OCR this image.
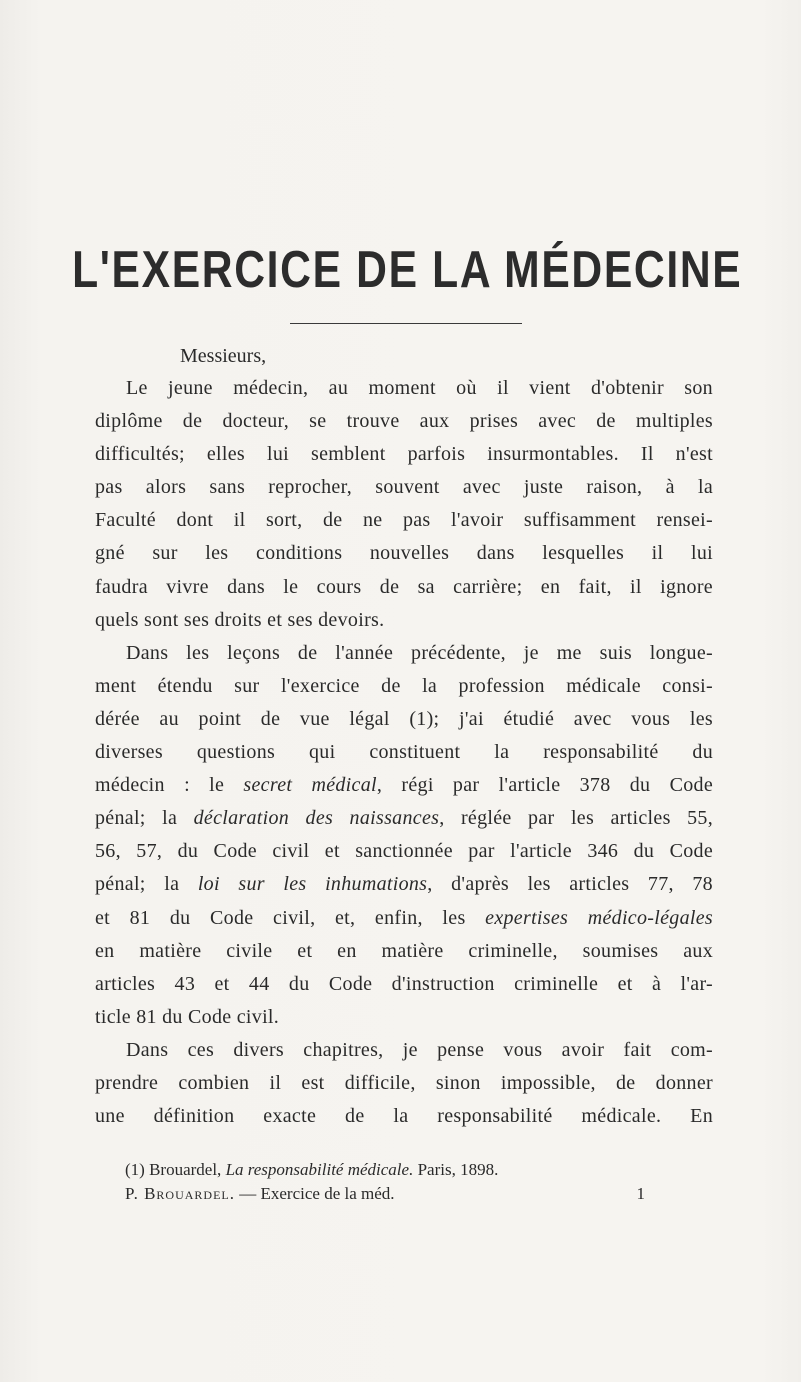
L'EXERCICE DE LA MÉDECINE
Messieurs,
Le jeune médecin, au moment où il vient d'obtenir son
diplôme de docteur, se trouve aux prises avec de multiples
difficultés; elles lui semblent parfois insurmontables. Il n'est
pas alors sans reprocher, souvent avec juste raison, à la
Faculté dont il sort, de ne pas l'avoir suffisamment rensei-
gné sur les conditions nouvelles dans lesquelles il lui
faudra vivre dans le cours de sa carrière; en fait, il ignore
quels sont ses droits et ses devoirs.
Dans les leçons de l'année précédente, je me suis longue-
ment étendu sur l'exercice de la profession médicale consi-
dérée au point de vue légal (1); j'ai étudié avec vous les
diverses questions qui constituent la responsabilité du
médecin : le secret médical, régi par l'article 378 du Code
pénal; la déclaration des naissances, réglée par les articles 55,
56, 57, du Code civil et sanctionnée par l'article 346 du Code
pénal; la loi sur les inhumations, d'après les articles 77, 78
et 81 du Code civil, et, enfin, les expertises médico-légales
en matière civile et en matière criminelle, soumises aux
articles 43 et 44 du Code d'instruction criminelle et à l'ar-
ticle 81 du Code civil.
Dans ces divers chapitres, je pense vous avoir fait com-
prendre combien il est difficile, sinon impossible, de donner
une définition exacte de la responsabilité médicale. En
(1) Brouardel, La responsabilité médicale. Paris, 1898.
P. Brouardel. — Exercice de la méd.	1
